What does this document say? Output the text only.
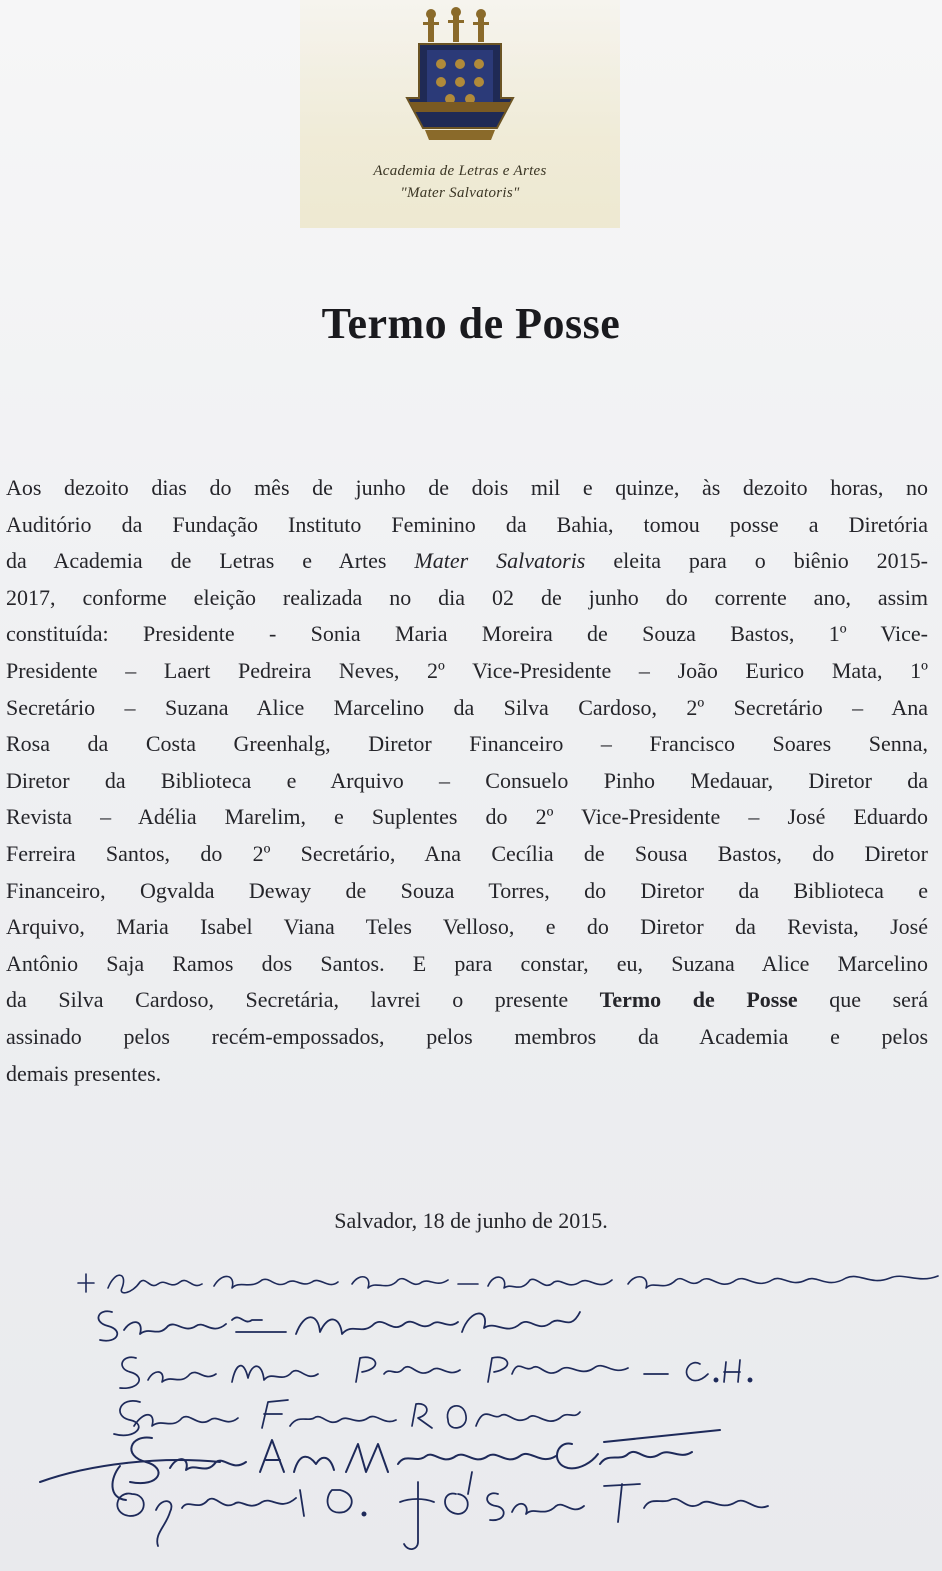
Academia de Letras e Artes
"Mater Salvatoris"
Termo de Posse
Aos dezoito dias do mês de junho de dois mil e quinze, às dezoito horas, no
Auditório da Fundação Instituto Feminino da Bahia, tomou posse a Diretória
da Academia de Letras e Artes Mater Salvatoris eleita para o biênio 2015-
2017, conforme eleição realizada no dia 02 de junho do corrente ano, assim
constituída: Presidente - Sonia Maria Moreira de Souza Bastos, 1º Vice-
Presidente – Laert Pedreira Neves, 2º Vice-Presidente – João Eurico Mata, 1º
Secretário – Suzana Alice Marcelino da Silva Cardoso, 2º Secretário – Ana
Rosa da Costa Greenhalg, Diretor Financeiro – Francisco Soares Senna,
Diretor da Biblioteca e Arquivo – Consuelo Pinho Medauar, Diretor da
Revista – Adélia Marelim, e Suplentes do 2º Vice-Presidente – José Eduardo
Ferreira Santos, do 2º Secretário, Ana Cecília de Sousa Bastos, do Diretor
Financeiro, Ogvalda Deway de Souza Torres, do Diretor da Biblioteca e
Arquivo, Maria Isabel Viana Teles Velloso, e do Diretor da Revista, José
Antônio Saja Ramos dos Santos. E para constar, eu, Suzana Alice Marcelino
da Silva Cardoso, Secretária, lavrei o presente Termo de Posse que será
assinado pelos recém-empossados, pelos membros da Academia e pelos
demais presentes.
Salvador, 18 de junho de 2015.
